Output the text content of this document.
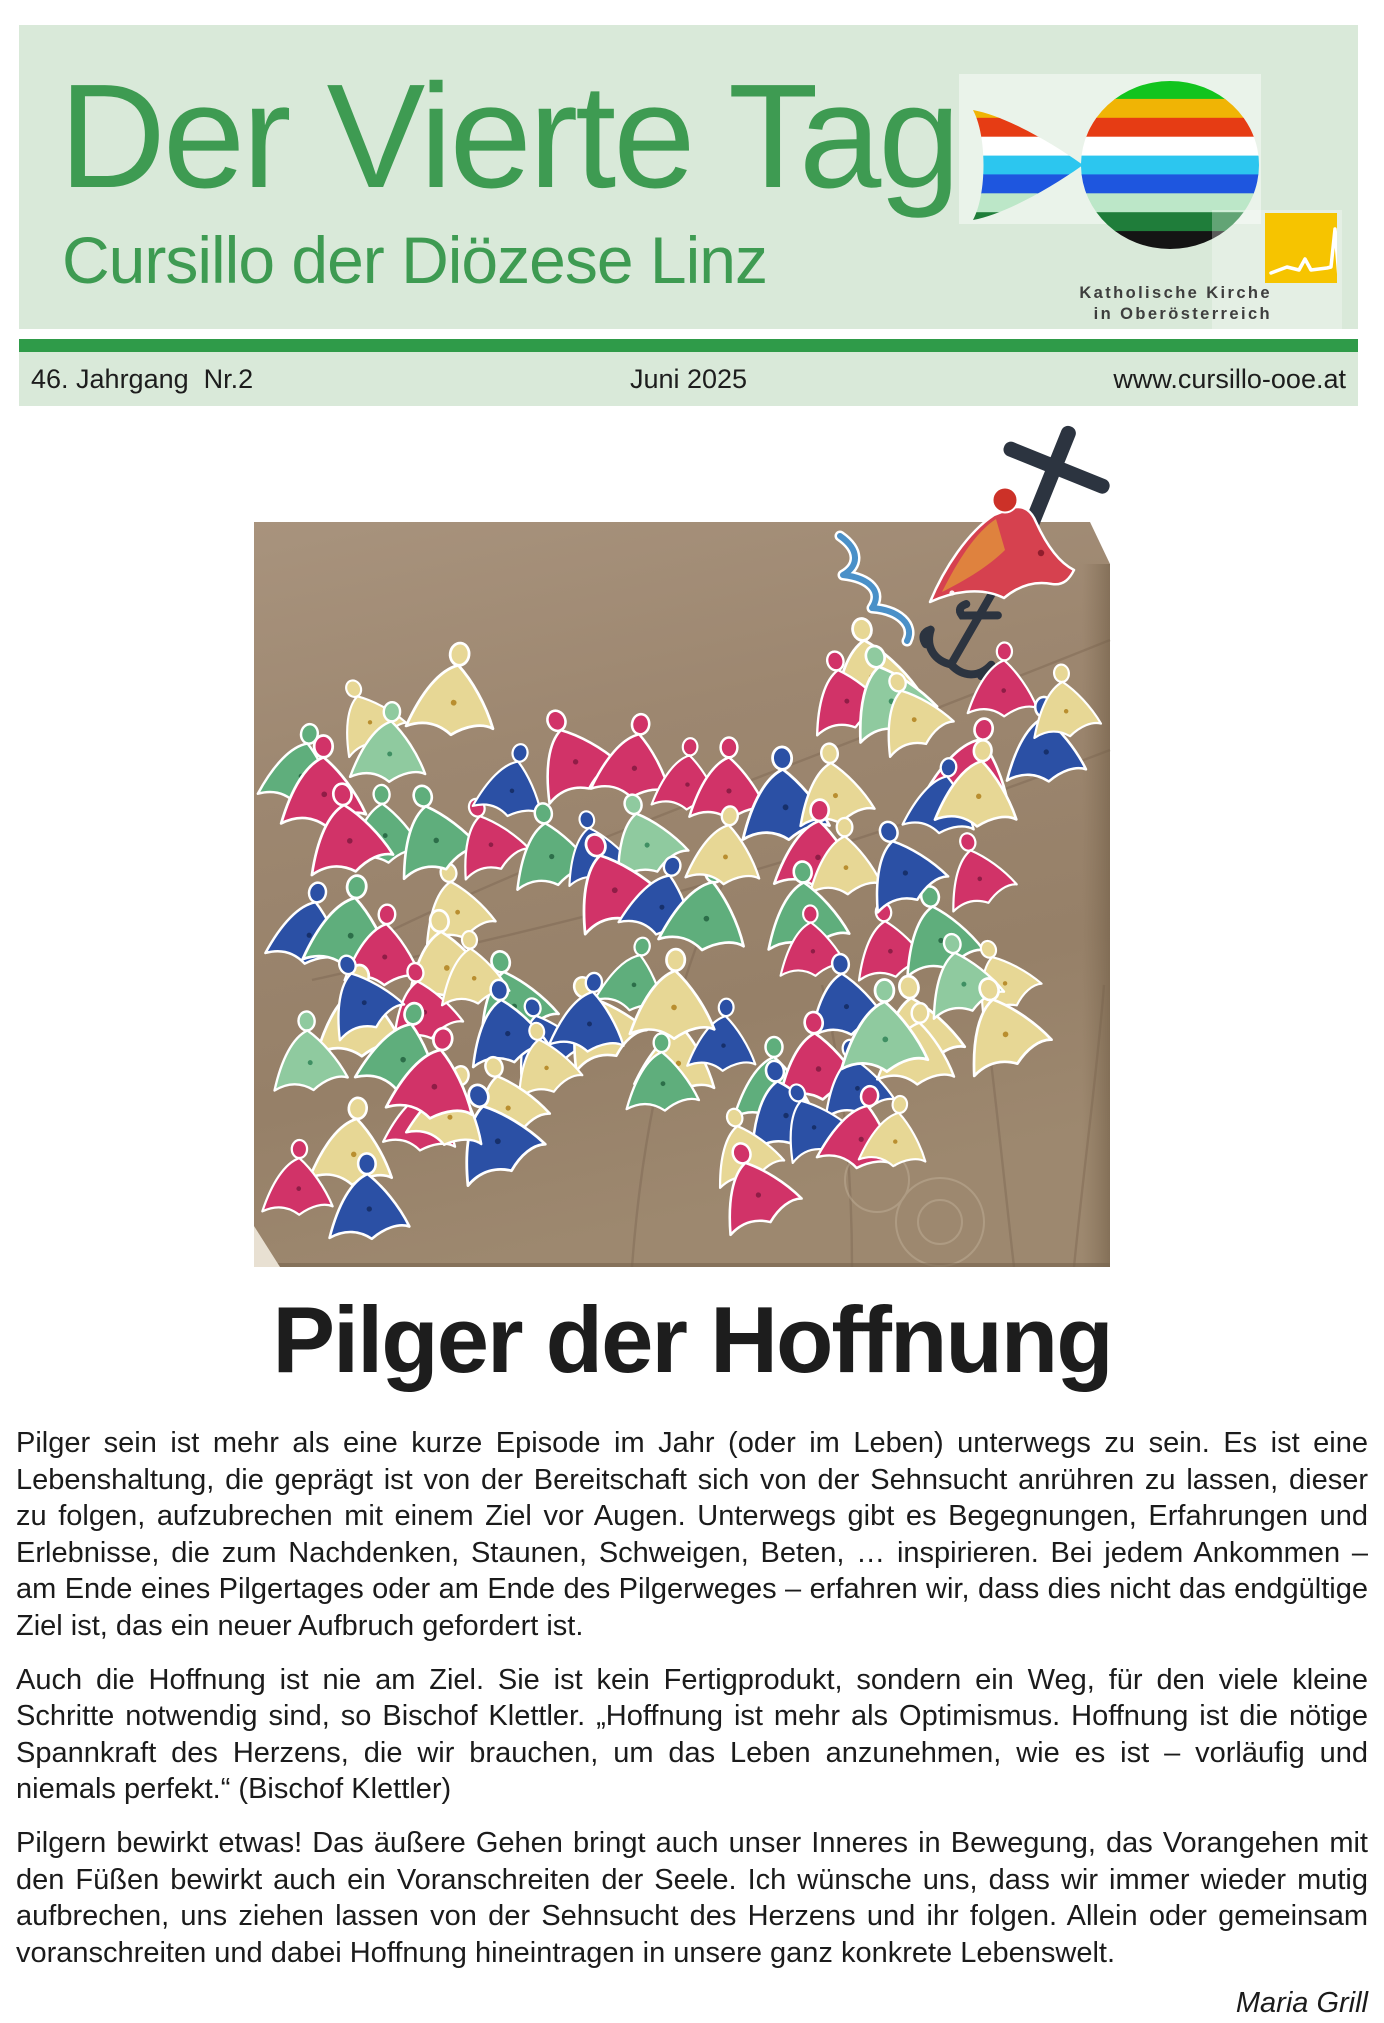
Der Vierte Tag
Cursillo der Diözese Linz	Katholische Kirche
in Oberösterreich
46. Jahrgang  Nr.2	Juni 2025	www.cursillo-ooe.at
Pilger der Hoffnung

Pilger sein ist mehr als eine kurze Episode im Jahr (oder im Leben) unterwegs zu sein. Es ist eine Lebenshaltung, die geprägt ist von der Bereitschaft sich von der Sehnsucht anrühren zu lassen, dieser zu folgen, aufzubrechen mit einem Ziel vor Augen. Unterwegs gibt es Begegnungen, Erfahrungen und Erlebnisse, die zum Nachdenken, Staunen, Schweigen, Beten, … inspirieren. Bei jedem Ankommen – am Ende eines Pilgertages oder am Ende des Pilgerweges – erfahren wir, dass dies nicht das endgültige Ziel ist, das ein neuer Aufbruch gefordert ist.

Auch die Hoffnung ist nie am Ziel. Sie ist kein Fertigprodukt, sondern ein Weg, für den viele kleine Schritte notwendig sind, so Bischof Klettler. „Hoffnung ist mehr als Optimismus. Hoffnung ist die nötige Spannkraft des Herzens, die wir brauchen, um das Leben anzunehmen, wie es ist – vorläufig und niemals perfekt.“ (Bischof Klettler)

Pilgern bewirkt etwas! Das äußere Gehen bringt auch unser Inneres in Bewegung, das Vorangehen mit den Füßen bewirkt auch ein Voranschreiten der Seele. Ich wünsche uns, dass wir immer wieder mutig aufbrechen, uns ziehen lassen von der Sehnsucht des Herzens und ihr folgen. Allein oder gemeinsam voranschreiten und dabei Hoffnung hineintragen in unsere ganz konkrete Lebenswelt.

Maria Grill
